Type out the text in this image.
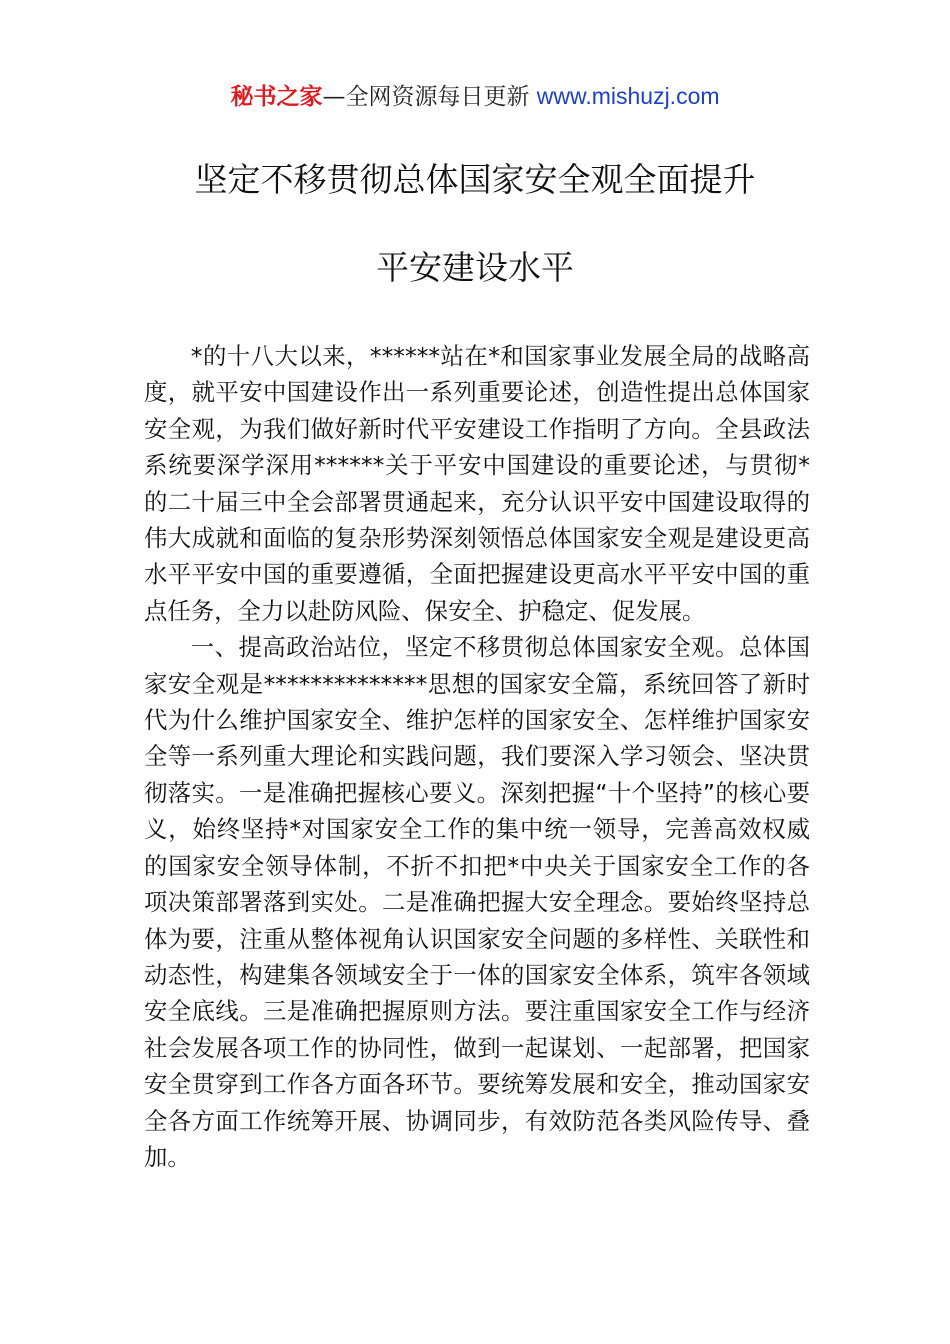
秘书之家—全网资源每日更新 www.mishuzj.com
坚定不移贯彻总体国家安全观全面提升
平安建设水平

*的十八大以来，******站在*和国家事业发展全局的战略高度，就平安中国建设作出一系列重要论述，创造性提出总体国家安全观，为我们做好新时代平安建设工作指明了方向。全县政法系统要深学深用******关于平安中国建设的重要论述，与贯彻*的二十届三中全会部署贯通起来，充分认识平安中国建设取得的伟大成就和面临的复杂形势深刻领悟总体国家安全观是建设更高水平平安中国的重要遵循，全面把握建设更高水平平安中国的重点任务，全力以赴防风险、保安全、护稳定、促发展。

一、提高政治站位，坚定不移贯彻总体国家安全观。总体国家安全观是**************思想的国家安全篇，系统回答了新时代为什么维护国家安全、维护怎样的国家安全、怎样维护国家安全等一系列重大理论和实践问题，我们要深入学习领会、坚决贯彻落实。一是准确把握核心要义。深刻把握“十个坚持”的核心要义，始终坚持*对国家安全工作的集中统一领导，完善高效权威的国家安全领导体制，不折不扣把*中央关于国家安全工作的各项决策部署落到实处。二是准确把握大安全理念。要始终坚持总体为要，注重从整体视角认识国家安全问题的多样性、关联性和动态性，构建集各领域安全于一体的国家安全体系，筑牢各领域安全底线。三是准确把握原则方法。要注重国家安全工作与经济社会发展各项工作的协同性，做到一起谋划、一起部署，把国家安全贯穿到工作各方面各环节。要统筹发展和安全，推动国家安全各方面工作统筹开展、协调同步，有效防范各类风险传导、叠加。
